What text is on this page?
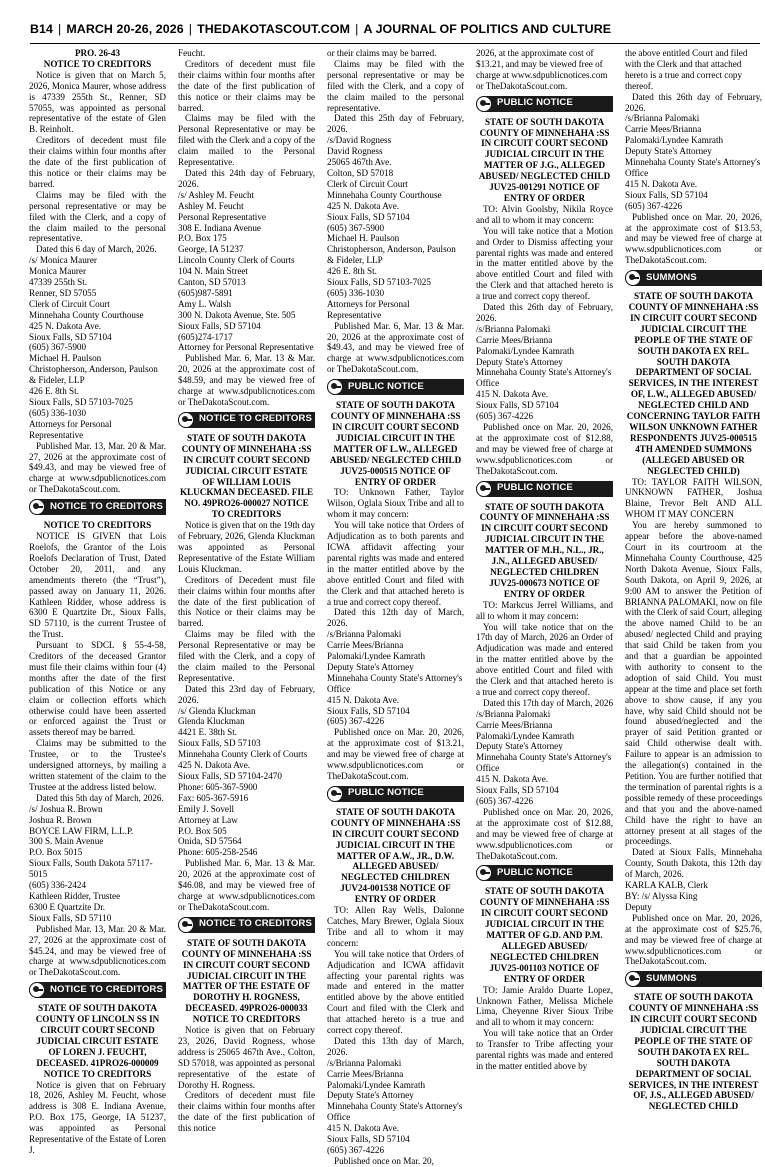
B14 | MARCH 20-26, 2026 | THEDAKOTASCOUT.COM | A JOURNAL OF POLITICS AND CULTURE

PRO. 26-43

NOTICE TO CREDITORS

Notice is given that on March 5, 2026, Monica Maurer, whose address is 47339 255th St., Renner, SD 57055, was appointed as personal representative of the estate of Glen B. Reinholt.

Creditors of decedent must file their claims within four months after the date of the first publication of this notice or their claims may be barred.

Claims may be filed with the personal representative or may be filed with the Clerk, and a copy of the claim mailed to the personal representative.

Dated this 6 day of March, 2026.

/s/ Monica Maurer

Monica Maurer

47339 255th St.

Renner, SD 57055

Clerk of Circuit Court

Minnehaha County Courthouse

425 N. Dakota Ave.

Sioux Falls, SD 57104

(605) 367-5900

Michael H. Paulson

Christopherson, Anderson, Paulson & Fideler, LLP

426 E. 8th St.

Sioux Falls, SD 57103-7025

(605) 336-1030

Attorneys for Personal Representative

Published Mar. 13, Mar. 20 & Mar. 27, 2026 at the approximate cost of $49.43, and may be viewed free of charge at www.sdpublicnotices.com or TheDakotaScout.com.

NOTICE TO CREDITORS

NOTICE TO CREDITORS

NOTICE IS GIVEN that Lois Roelofs, the Grantor of the Lois Roelofs Declaration of Trust, Dated October 20, 2011, and any amendments thereto (the “Trust”), passed away on January 11, 2026. Kathleen Ridder, whose address is 6300 E Quartzite Dr., Sioux Falls, SD 57110, is the current Trustee of the Trust.

Pursuant to SDCL § 55-4-58, Creditors of the deceased Grantor must file their claims within four (4) months after the date of the first publication of this Notice or any claim or collection efforts which otherwise could have been asserted or enforced against the Trust or assets thereof may be barred.

Claims may be submitted to the Trustee, or to the Trustee's undersigned attorneys, by mailing a written statement of the claim to the Trustee at the address listed below.

Dated this 5th day of March, 2026.

/s/ Joshua R. Brown

Joshua R. Brown

BOYCE LAW FIRM, L.L.P.

300 S. Main Avenue

P.O. Box 5015

Sioux Falls, South Dakota 57117-5015

(605) 336-2424

Kathleen Ridder, Trustee

6300 E Quartzite Dr.

Sioux Falls, SD 57110

Published Mar. 13, Mar. 20 & Mar. 27, 2026 at the approximate cost of $45.24, and may be viewed free of charge at www.sdpublicnotices.com or TheDakotaScout.com.

NOTICE TO CREDITORS

STATE OF SOUTH DAKOTA COUNTY OF LINCOLN SS IN CIRCUIT COURT SECOND JUDICIAL CIRCUIT ESTATE OF LOREN J. FEUCHT, DECEASED. 41PRO26-000009 NOTICE TO CREDITORS

Notice is given that on February 18, 2026, Ashley M. Feucht, whose address is 308 E. Indiana Avenue, P.O. Box 175, George, IA 51237, was appointed as Personal Representative of the Estate of Loren J.

Feucht.

Creditors of decedent must file their claims within four months after the date of the first publication of this notice or their claims may be barred.

Claims may be filed with the Personal Representative or may be filed with the Clerk and a copy of the claim mailed to the Personal Representative.

Dated this 24th day of February, 2026.

/s/ Ashley M. Feucht

Ashley M. Feucht

Personal Representative

308 E. Indiana Avenue

P.O. Box 175

George, IA 51237

Lincoln County Clerk of Courts

104 N. Main Street

Canton, SD 57013

(605)987-5891

Amy L. Walsh

300 N. Dakota Avenue, Ste. 505

Sioux Falls, SD 57104

(605)274-1717

Attorney for Personal Representative

Published Mar. 6, Mar. 13 & Mar. 20, 2026 at the approximate cost of $48.59, and may be viewed free of charge at www.sdpublicnotices.com or TheDakotaScout.com.

NOTICE TO CREDITORS

STATE OF SOUTH DAKOTA COUNTY OF MINNEHAHA :SS IN CIRCUIT COURT SECOND JUDICIAL CIRCUIT ESTATE OF WILLIAM LOUIS KLUCKMAN DECEASED. FILE NO. 49PRO26-000027 NOTICE TO CREDITORS

Notice is given that on the 19th day of February, 2026, Glenda Kluckman was appointed as Personal Representative of the Estate William Louis Kluckman.

Creditors of Decedent must file their claims within four months after the date of the first publication of this Notice or their claims may be barred.

Claims may be filed with the Personal Representative or may be filed with the Clerk, and a copy of the claim mailed to the Personal Representative.

Dated this 23rd day of February, 2026.

/s/ Glenda Kluckman

Glenda Kluckman

4421 E. 38th St.

Sioux Falls, SD 57103

Minnehaha County Clerk of Courts

425 N. Dakota Ave.

Sioux Falls, SD 57104-2470

Phone: 605-367-5900

Fax: 605-367-5916

Emily J. Sovell

Attorney at Law

P.O. Box 505

Onida, SD 57564

Phone: 605-258-2546

Published Mar. 6, Mar. 13 & Mar. 20, 2026 at the approximate cost of $46.08, and may be viewed free of charge at www.sdpublicnotices.com or TheDakotaScout.com.

NOTICE TO CREDITORS

STATE OF SOUTH DAKOTA COUNTY OF MINNEHAHA :SS IN CIRCUIT COURT SECOND JUDICIAL CIRCUIT IN THE MATTER OF THE ESTATE OF DOROTHY H. ROGNESS, DECEASED. 49PRO26-000033 NOTICE TO CREDITORS

Notice is given that on February 23, 2026, David Rogness, whose address is 25065 467th Ave., Colton, SD 57018, was appointed as personal representative of the estate of Dorothy H. Rogness.

Creditors of decedent must file their claims within four months after the date of the first publication of this notice

or their claims may be barred.

Claims may be filed with the personal representative or may be filed with the Clerk, and a copy of the claim mailed to the personal representative.

Dated this 25th day of February, 2026.

/s/David Rogness

David Rogness

25065 467th Ave.

Colton, SD 57018

Clerk of Circuit Court

Minnehaha County Courthouse

425 N. Dakota Ave.

Sioux Falls, SD 57104

(605) 367-5900

Michael H. Paulson

Christopherson, Anderson, Paulson & Fideler, LLP

426 E. 8th St.

Sioux Falls, SD 57103-7025

(605) 336-1030

Attorneys for Personal Representative

Published Mar. 6, Mar. 13 & Mar. 20, 2026 at the approximate cost of $49.43, and may be viewed free of charge at www.sdpublicnotices.com or TheDakotaScout.com.

PUBLIC NOTICE

STATE OF SOUTH DAKOTA COUNTY OF MINNEHAHA :SS IN CIRCUIT COURT SECOND JUDICIAL CIRCUIT IN THE MATTER OF L.W., ALLEGED ABUSED/ NEGLECTED CHILD JUV25-000515 NOTICE OF ENTRY OF ORDER

TO: Unknown Father, Taylor Wilson, Oglala Sioux Tribe and all to whom it may concern:

You will take notice that Orders of Adjudication as to both parents and ICWA affidavit affecting your parental rights was made and entered in the matter entitled above by the above entitled Court and filed with the Clerk and that attached hereto is a true and correct copy thereof.

Dated this 12th day of March, 2026.

/s/Brianna Palomaki

Carrie Mees/Brianna Palomaki/Lyndee Kamrath

Deputy State's Attorney

Minnehaha County State's Attorney's Office

415 N. Dakota Ave.

Sioux Falls, SD 57104

(605) 367-4226

Published once on Mar. 20, 2026, at the approximate cost of $13.21, and may be viewed free of charge at www.sdpublicnotices.com or TheDakotaScout.com.

PUBLIC NOTICE

STATE OF SOUTH DAKOTA COUNTY OF MINNEHAHA :SS IN CIRCUIT COURT SECOND JUDICIAL CIRCUIT IN THE MATTER OF A.W., JR., D.W. ALLEGED ABUSED/ NEGLECTED CHILDREN JUV24-001538 NOTICE OF ENTRY OF ORDER

TO: Allen Ray Wells, Dalonne Catches, Mary Brewer, Oglala Sioux Tribe and all to whom it may concern:

You will take notice that Orders of Adjudication and ICWA affidavit affecting your parental rights was made and entered in the matter entitled above by the above entitled Court and filed with the Clerk and that attached hereto is a true and correct copy thereof.

Dated this 13th day of March, 2026.

/s/Brianna Palomaki

Carrie Mees/Brianna Palomaki/Lyndee Kamrath

Deputy State's Attorney

Minnehaha County State's Attorney's Office

415 N. Dakota Ave.

Sioux Falls, SD 57104

(605) 367-4226

Published once on Mar. 20,

2026, at the approximate cost of $13.21, and may be viewed free of charge at www.sdpublicnotices.com or TheDakotaScout.com.

PUBLIC NOTICE

STATE OF SOUTH DAKOTA COUNTY OF MINNEHAHA :SS IN CIRCUIT COURT SECOND JUDICIAL CIRCUIT IN THE MATTER OF J.G., ALLEGED ABUSED/ NEGLECTED CHILD JUV25-001291 NOTICE OF ENTRY OF ORDER

TO: Alvin Goolsby, Nikila Royce and all to whom it may concern:

You will take notice that a Motion and Order to Dismiss affecting your parental rights was made and entered in the matter entitled above by the above entitled Court and filed with the Clerk and that attached hereto is a true and correct copy thereof.

Dated this 26th day of February, 2026.

/s/Brianna Palomaki

Carrie Mees/Brianna Palomaki/Lyndee Kamrath

Deputy State's Attorney

Minnehaha County State's Attorney's Office

415 N. Dakota Ave.

Sioux Falls, SD 57104

(605) 367-4226

Published once on Mar. 20, 2026, at the approximate cost of $12.88, and may be viewed free of charge at www.sdpublicnotices.com or TheDakotaScout.com.

PUBLIC NOTICE

STATE OF SOUTH DAKOTA COUNTY OF MINNEHAHA :SS IN CIRCUIT COURT SECOND JUDICIAL CIRCUIT IN THE MATTER OF M.H., N.L., JR., J.N., ALLEGED ABUSED/ NEGLECTED CHILDREN JUV25-000673 NOTICE OF ENTRY OF ORDER

TO: Markcus Jerrel Williams, and all to whom it may concern:

You will take notice that on the 17th day of March, 2026 an Order of Adjudication was made and entered in the matter entitled above by the above entitled Court and filed with the Clerk and that attached hereto is a true and correct copy thereof.

Dated this 17th day of March, 2026

/s/Brianna Palomaki

Carrie Mees/Brianna Palomaki/Lyndee Kamrath

Deputy State's Attorney

Minnehaha County State's Attorney's Office

415 N. Dakota Ave.

Sioux Falls, SD 57104

(605) 367-4226

Published once on Mar. 20, 2026, at the approximate cost of $12.88, and may be viewed free of charge at www.sdpublicnotices.com or TheDakotaScout.com.

PUBLIC NOTICE

STATE OF SOUTH DAKOTA COUNTY OF MINNEHAHA :SS IN CIRCUIT COURT SECOND JUDICIAL CIRCUIT IN THE MATTER OF G.D. AND P.M. ALLEGED ABUSED/ NEGLECTED CHILDREN JUV25-001103 NOTICE OF ENTRY OF ORDER

TO: Jamie Araldo Duarte Lopez, Unknown Father, Melissa Michele Lima, Cheyenne River Sioux Tribe and all to whom it may concern:

You will take notice that an Order to Transfer to Tribe affecting your parental rights was made and entered in the matter entitled above by

the above entitled Court and filed with the Clerk and that attached hereto is a true and correct copy thereof.

Dated this 26th day of February, 2026.

/s/Brianna Palomaki

Carrie Mees/Brianna Palomaki/Lyndee Kamrath

Deputy State's Attorney

Minnehaha County State's Attorney's Office

415 N. Dakota Ave.

Sioux Falls, SD 57104

(605) 367-4226

Published once on Mar. 20, 2026, at the approximate cost of $13.53, and may be viewed free of charge at www.sdpublicnotices.com or TheDakotaScout.com.

SUMMONS

STATE OF SOUTH DAKOTA COUNTY OF MINNEHAHA :SS IN CIRCUIT COURT SECOND JUDICIAL CIRCUIT THE PEOPLE OF THE STATE OF SOUTH DAKOTA EX REL. SOUTH DAKOTA DEPARTMENT OF SOCIAL SERVICES, IN THE INTEREST OF, L.W., ALLEGED ABUSED/ NEGLECTED CHILD AND CONCERNING TAYLOR FAITH WILSON UNKNOWN FATHER RESPONDENTS JUV25-000515 4TH AMENDED SUMMONS (ALLEGED ABUSED OR NEGLECTED CHILD)

TO: TAYLOR FAITH WILSON, UNKNOWN FATHER, Joshua Blaine, Trevor Belt AND ALL WHOM IT MAY CONCERN

You are hereby summoned to appear before the above-named Court in its courtroom at the Minnehaha County Courthouse, 425 North Dakota Avenue, Sioux Falls, South Dakota, on April 9, 2026, at 9:00 AM to answer the Petition of BRIANNA PALOMAKI, now on file with the Clerk of said Court, alleging the above named Child to be an abused/ neglected Child and praying that said Child be taken from you and that a guardian be appointed with authority to consent to the adoption of said Child. You must appear at the time and place set forth above to show cause, if any you have, why said Child should not be found abused/neglected and the prayer of said Petition granted or said Child otherwise dealt with. Failure to appear is an admission to the allegation(s) contained in the Petition. You are further notified that the termination of parental rights is a possible remedy of these proceedings and that you and the above-named Child have the right to have an attorney present at all stages of the proceedings.

Dated at Sioux Falls, Minnehaha County, South Dakota, this 12th day of March, 2026.

KARLA KALB, Clerk

BY: /s/ Alyssa King

Deputy

Published once on Mar. 20, 2026, at the approximate cost of $25.76, and may be viewed free of charge at www.sdpublicnotices.com or TheDakotaScout.com.

SUMMONS

STATE OF SOUTH DAKOTA COUNTY OF MINNEHAHA :SS IN CIRCUIT COURT SECOND JUDICIAL CIRCUIT THE PEOPLE OF THE STATE OF SOUTH DAKOTA EX REL. SOUTH DAKOTA DEPARTMENT OF SOCIAL SERVICES, IN THE INTEREST OF, J.S., ALLEGED ABUSED/ NEGLECTED CHILD
